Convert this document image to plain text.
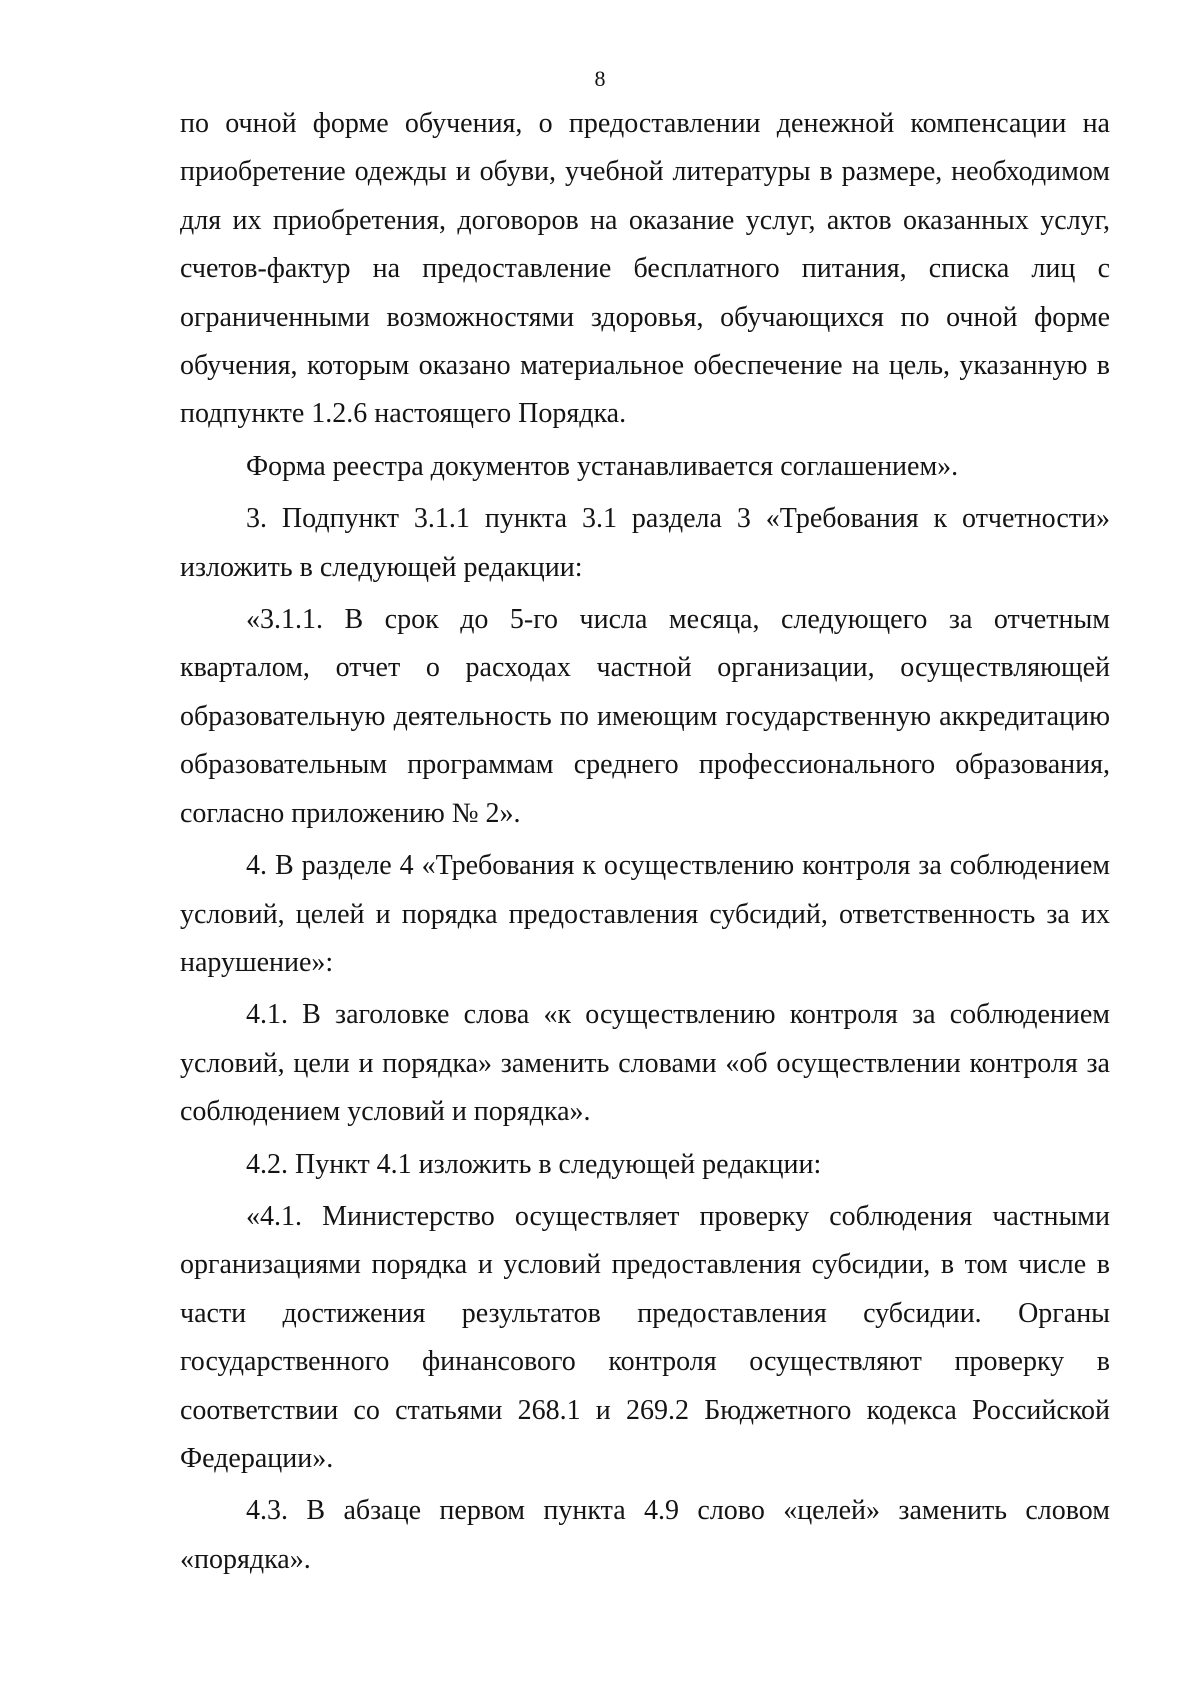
8

по очной форме обучения, о предоставлении денежной компенсации на приобретение одежды и обуви, учебной литературы в размере, необходимом для их приобретения, договоров на оказание услуг, актов оказанных услуг, счетов-фактур на предоставление бесплатного питания, списка лиц с ограниченными возможностями здоровья, обучающихся по очной форме обучения, которым оказано материальное обеспечение на цель, указанную в подпункте 1.2.6 настоящего Порядка.

Форма реестра документов устанавливается соглашением».

3. Подпункт 3.1.1 пункта 3.1 раздела 3 «Требования к отчетности» изложить в следующей редакции:

«3.1.1. В срок до 5-го числа месяца, следующего за отчетным кварталом, отчет о расходах частной организации, осуществляющей образовательную деятельность по имеющим государственную аккредитацию образовательным программам среднего профессионального образования, согласно приложению № 2».

4. В разделе 4 «Требования к осуществлению контроля за соблюдением условий, целей и порядка предоставления субсидий, ответственность за их нарушение»:

4.1. В заголовке слова «к осуществлению контроля за соблюдением условий, цели и порядка» заменить словами «об осуществлении контроля за соблюдением условий и порядка».

4.2. Пункт 4.1 изложить в следующей редакции:

«4.1. Министерство осуществляет проверку соблюдения частными организациями порядка и условий предоставления субсидии, в том числе в части достижения результатов предоставления субсидии. Органы государственного финансового контроля осуществляют проверку в соответствии со статьями 268.1 и 269.2 Бюджетного кодекса Российской Федерации».

4.3. В абзаце первом пункта 4.9 слово «целей» заменить словом «порядка».
